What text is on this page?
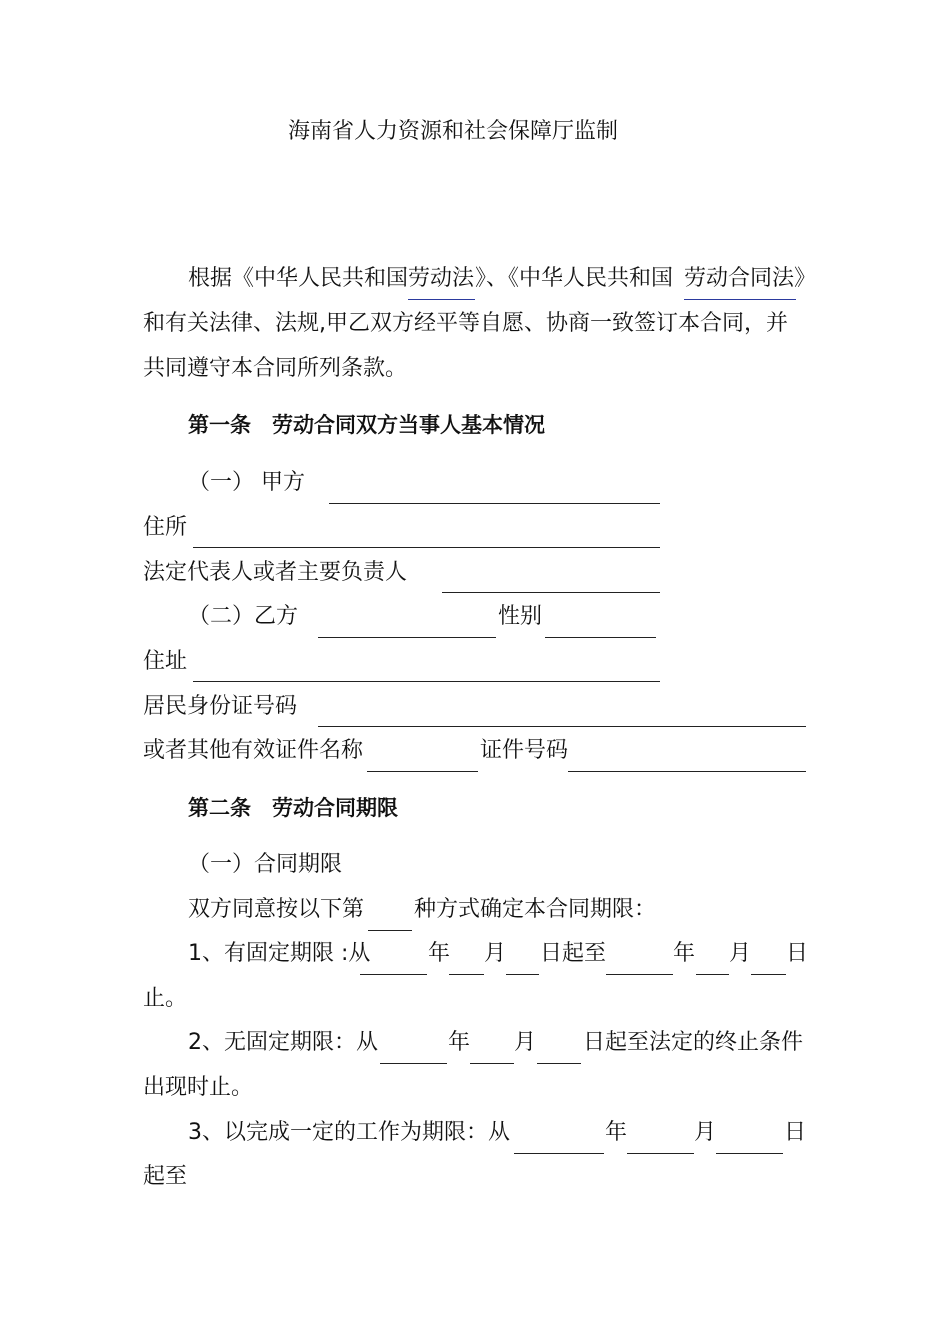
海南省人力资源和社会保障厅监制
根据《中华人民共和国 劳动法 》、《中华人民共和国 劳动合同 法》
和有关法律、法规,甲乙双方经平等自愿、协商一致签订本合同，并
共同遵守本合同所列条款。
第一条　劳动合同双方当事人基本情况
（一） 甲方
住所
法定代表人或者主要负责人
（二）乙方	性别
住址
居民身份证号码
或者其他有效证件名称	证件号码
第二条　劳动合同期限
（一）合同期限
双方同意按以下第 种方式确定本合同期限：
1、有固定期限 :从	年 月 日起至	年 月 日
止。
2、无固定期限：从	年 月 日起至法定的终止条件
出现时止。
3、以完成一定的工作为期限：从	年	月	日
起至
